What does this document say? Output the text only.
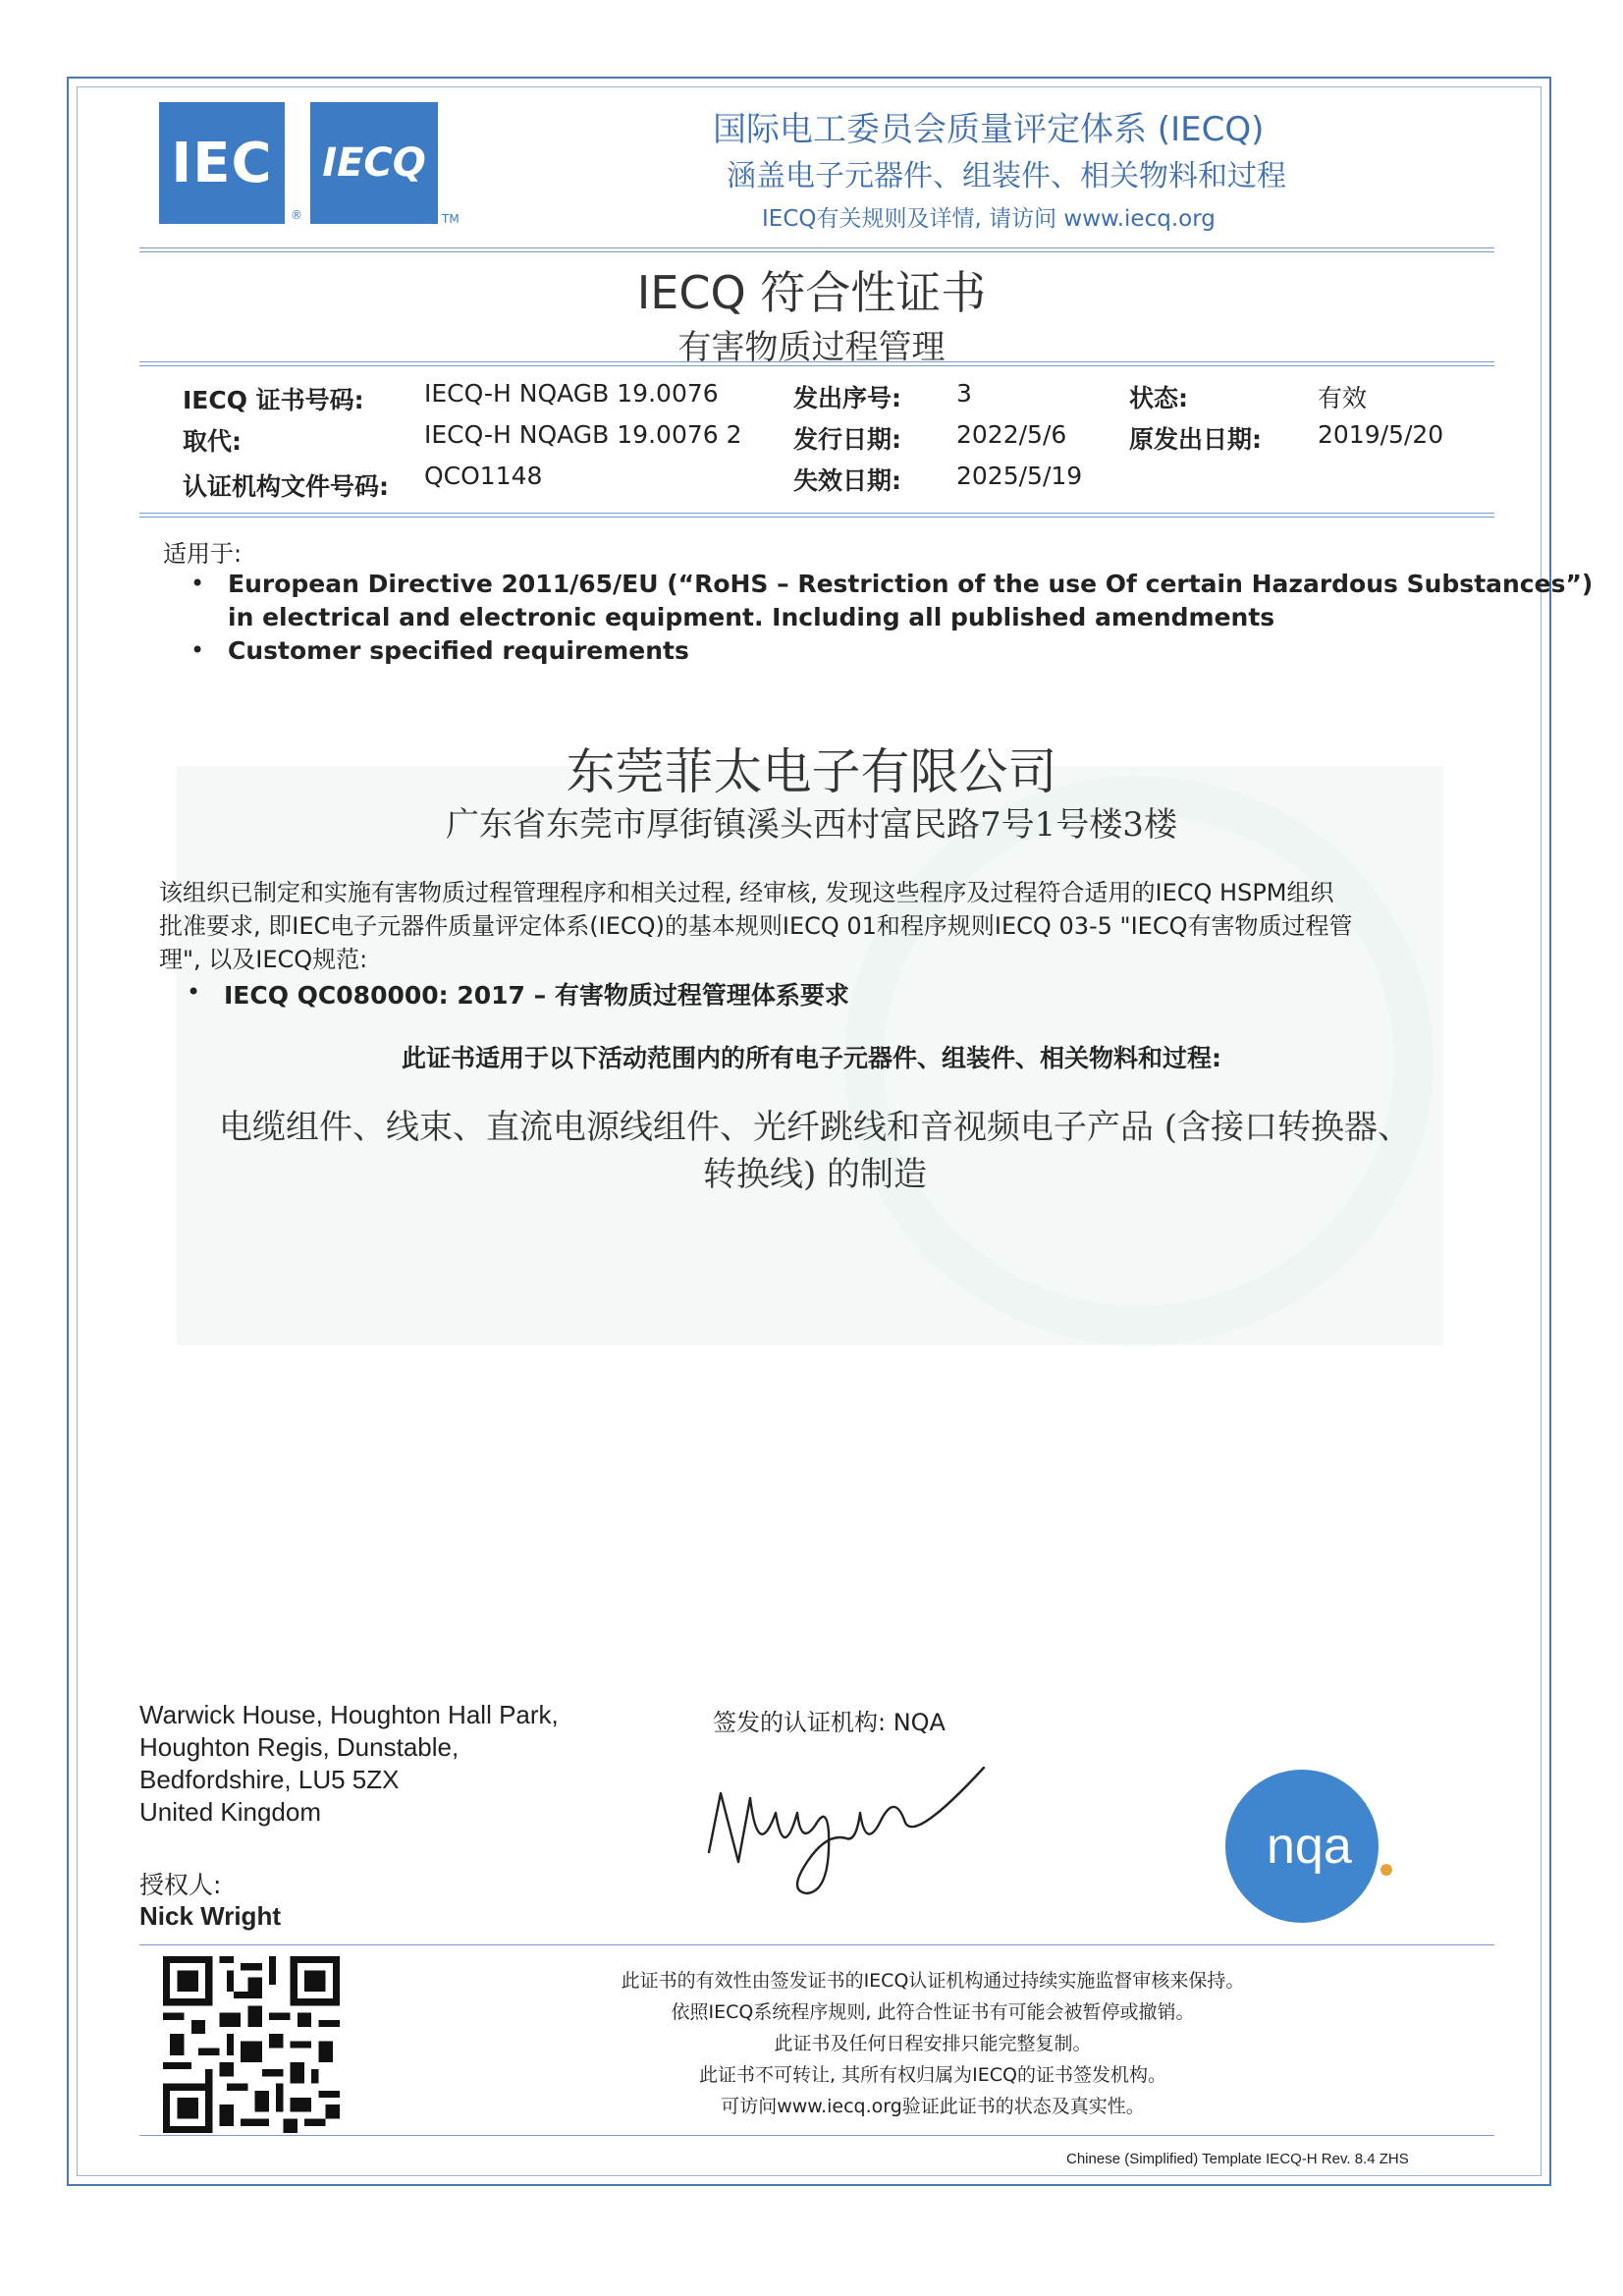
IEC
®
IECQ
TM
国际电工委员会质量评定体系 (IECQ)
涵盖电子元器件、组装件、相关物料和过程
IECQ有关规则及详情, 请访问 www.iecq.org
IECQ 符合性证书
有害物质过程管理
IECQ 证书号码: IECQ-H NQAGB 19.0076	发出序号: 3	状态:	有效
取代:	IECQ-H NQAGB 19.0076 2 发行日期: 2022/5/6	原发出日期: 2019/5/20
认证机构文件号码: QCO1148	失效日期: 2025/5/19
适用于:
• European Directive 2011/65/EU (“RoHS – Restriction of the use Of certain Hazardous Substances”)
in electrical and electronic equipment. Including all published amendments
• Customer specified requirements
东莞菲太电子有限公司
广东省东莞市厚街镇溪头西村富民路7号1号楼3楼
该组织已制定和实施有害物质过程管理程序和相关过程, 经审核, 发现这些程序及过程符合适用的IECQ HSPM组织
批准要求, 即IEC电子元器件质量评定体系(IECQ)的基本规则IECQ 01和程序规则IECQ 03-5 "IECQ有害物质过程管
理", 以及IECQ规范:
• IECQ QC080000: 2017 – 有害物质过程管理体系要求
此证书适用于以下活动范围内的所有电子元器件、组装件、相关物料和过程:
电缆组件、线束、直流电源线组件、光纤跳线和音视频电子产品 (含接口转换器、
转换线) 的制造
Warwick House, Houghton Hall Park,
Houghton Regis, Dunstable,
Bedfordshire, LU5 5ZX
United Kingdom
签发的认证机构: NQA
授权人:
Nick Wright
nqa
此证书的有效性由签发证书的IECQ认证机构通过持续实施监督审核来保持。
依照IECQ系统程序规则, 此符合性证书有可能会被暂停或撤销。
此证书及任何日程安排只能完整复制。
此证书不可转让, 其所有权归属为IECQ的证书签发机构。
可访问www.iecq.org验证此证书的状态及真实性。
Chinese (Simplified) Template IECQ-H Rev. 8.4 ZHS
